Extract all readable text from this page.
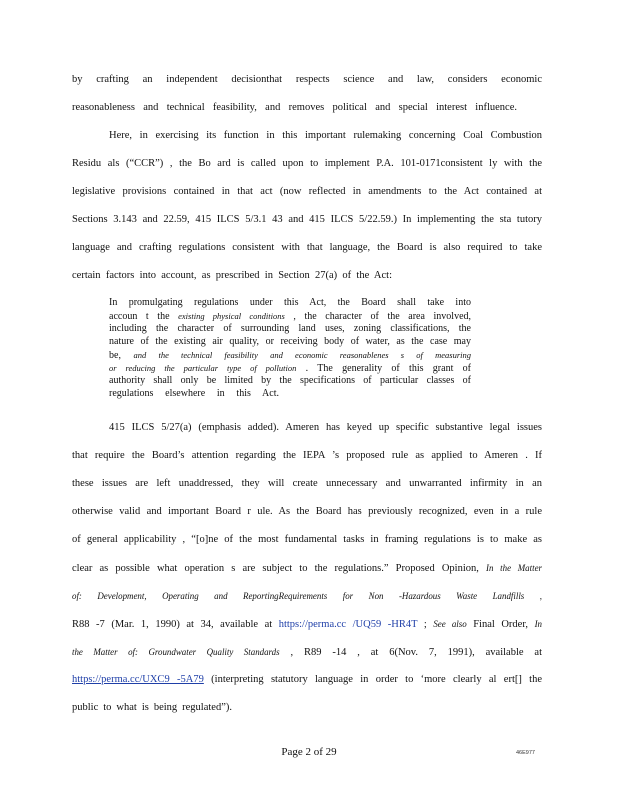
by crafting an independent decisionthat respects science and law, considers economic
reasonableness and technical feasibility, and removes political and special interest influence.
Here, in exercising its function in this important rulemaking concerning Coal Combustion
Residu als (“CCR”) , the Bo ard is called upon to implement P.A. 101-0171consistent ly with the
legislative provisions contained in that act (now reflected in amendments to the Act contained at
Sections 3.143 and 22.59, 415 ILCS 5/3.1 43 and 415 ILCS 5/22.59.) In implementing the sta tutory
language and crafting regulations consistent with that language, the Board is also required to take
certain factors into account, as prescribed in Section 27(a) of the Act:
In promulgating regulations under this Act, the Board shall take into
accoun t the existing physical conditions , the character of the area involved,
including the character of surrounding land uses, zoning classifications, the
nature of the existing air quality, or receiving body of water, as the case may
be, and the technical feasibility and economic reasonablenes s of measuring
or reducing the particular type of pollution . The generality of this grant of
authority shall only be limited by the specifications of particular classes of
regulations elsewhere in this Act.
415 ILCS 5/27(a) (emphasis added). Ameren has keyed up specific substantive legal issues
that require the Board’s attention regarding the IEPA ’s proposed rule as applied to Ameren . If
these issues are left unaddressed, they will create unnecessary and unwarranted infirmity in an
otherwise valid and important Board r ule. As the Board has previously recognized, even in a rule
of general applicability , “[o]ne of the most fundamental tasks in framing regulations is to make as
clear as possible what operation s are subject to the regulations.” Proposed Opinion, In the Matter
of: Development, Operating and ReportingRequirements for Non -Hazardous Waste Landfills ,
R88 -7 (Mar. 1, 1990) at 34, available at https://perma.cc /UQ59 -HR4T ; See also Final Order, In
the Matter of: Groundwater Quality Standards , R89 -14 , at 6(Nov. 7, 1991), available at
https://perma.cc/UXC9 -5A79 (interpreting statutory language in order to ‘more clearly al ert[] the
public to what is being regulated”).
Page 2 of 29	46E977
